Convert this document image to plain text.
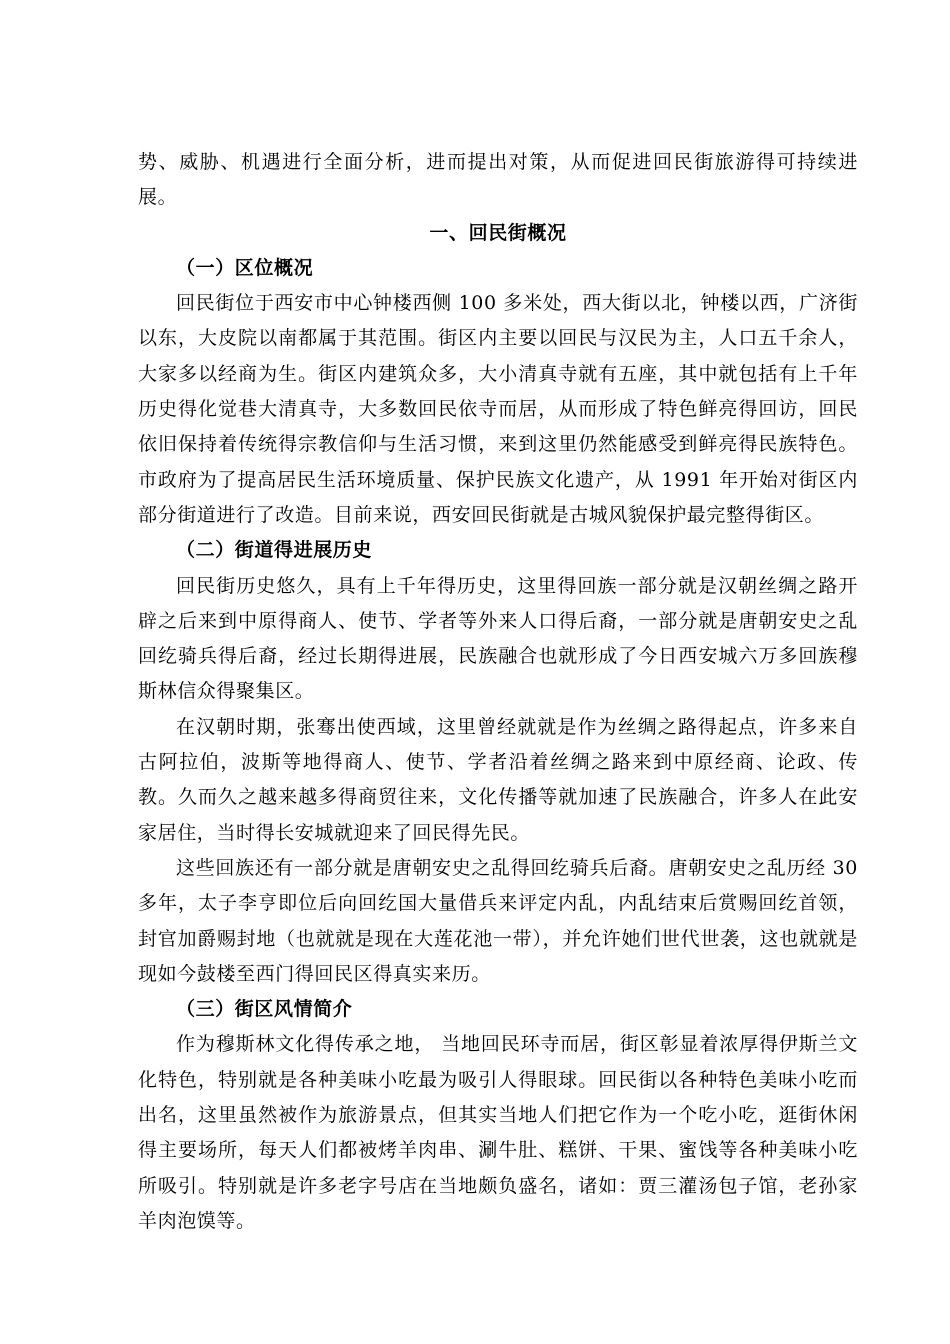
势、威胁、机遇进行全面分析，进而提出对策，从而促进回民街旅游得可持续进展。

一、回民街概况
（一）区位概况

回民街位于西安市中心钟楼西侧 100 多米处，西大街以北，钟楼以西，广济街以东，大皮院以南都属于其范围。街区内主要以回民与汉民为主，人口五千余人，大家多以经商为生。街区内建筑众多，大小清真寺就有五座，其中就包括有上千年历史得化觉巷大清真寺，大多数回民依寺而居，从而形成了特色鲜亮得回访，回民依旧保持着传统得宗教信仰与生活习惯，来到这里仍然能感受到鲜亮得民族特色。市政府为了提高居民生活环境质量、保护民族文化遗产，从 1991 年开始对街区内部分街道进行了改造。目前来说，西安回民街就是古城风貌保护最完整得街区。

（二）街道得进展历史

回民街历史悠久，具有上千年得历史，这里得回族一部分就是汉朝丝绸之路开辟之后来到中原得商人、使节、学者等外来人口得后裔，一部分就是唐朝安史之乱回纥骑兵得后裔，经过长期得进展，民族融合也就形成了今日西安城六万多回族穆斯林信众得聚集区。

在汉朝时期，张骞出使西域，这里曾经就就是作为丝绸之路得起点，许多来自古阿拉伯，波斯等地得商人、使节、学者沿着丝绸之路来到中原经商、论政、传教。久而久之越来越多得商贸往来，文化传播等就加速了民族融合，许多人在此安家居住，当时得长安城就迎来了回民得先民。

这些回族还有一部分就是唐朝安史之乱得回纥骑兵后裔。唐朝安史之乱历经 30 多年，太子李亨即位后向回纥国大量借兵来评定内乱，内乱结束后赏赐回纥首领，封官加爵赐封地（也就就是现在大莲花池一带），并允许她们世代世袭，这也就就是现如今鼓楼至西门得回民区得真实来历。

（三）街区风情简介

作为穆斯林文化得传承之地， 当地回民环寺而居，街区彰显着浓厚得伊斯兰文化特色，特别就是各种美味小吃最为吸引人得眼球。回民街以各种特色美味小吃而出名，这里虽然被作为旅游景点，但其实当地人们把它作为一个吃小吃，逛街休闲得主要场所，每天人们都被烤羊肉串、涮牛肚、糕饼、干果、蜜饯等各种美味小吃所吸引。特别就是许多老字号店在当地颇负盛名，诸如：贾三灌汤包子馆，老孙家羊肉泡馍等。
